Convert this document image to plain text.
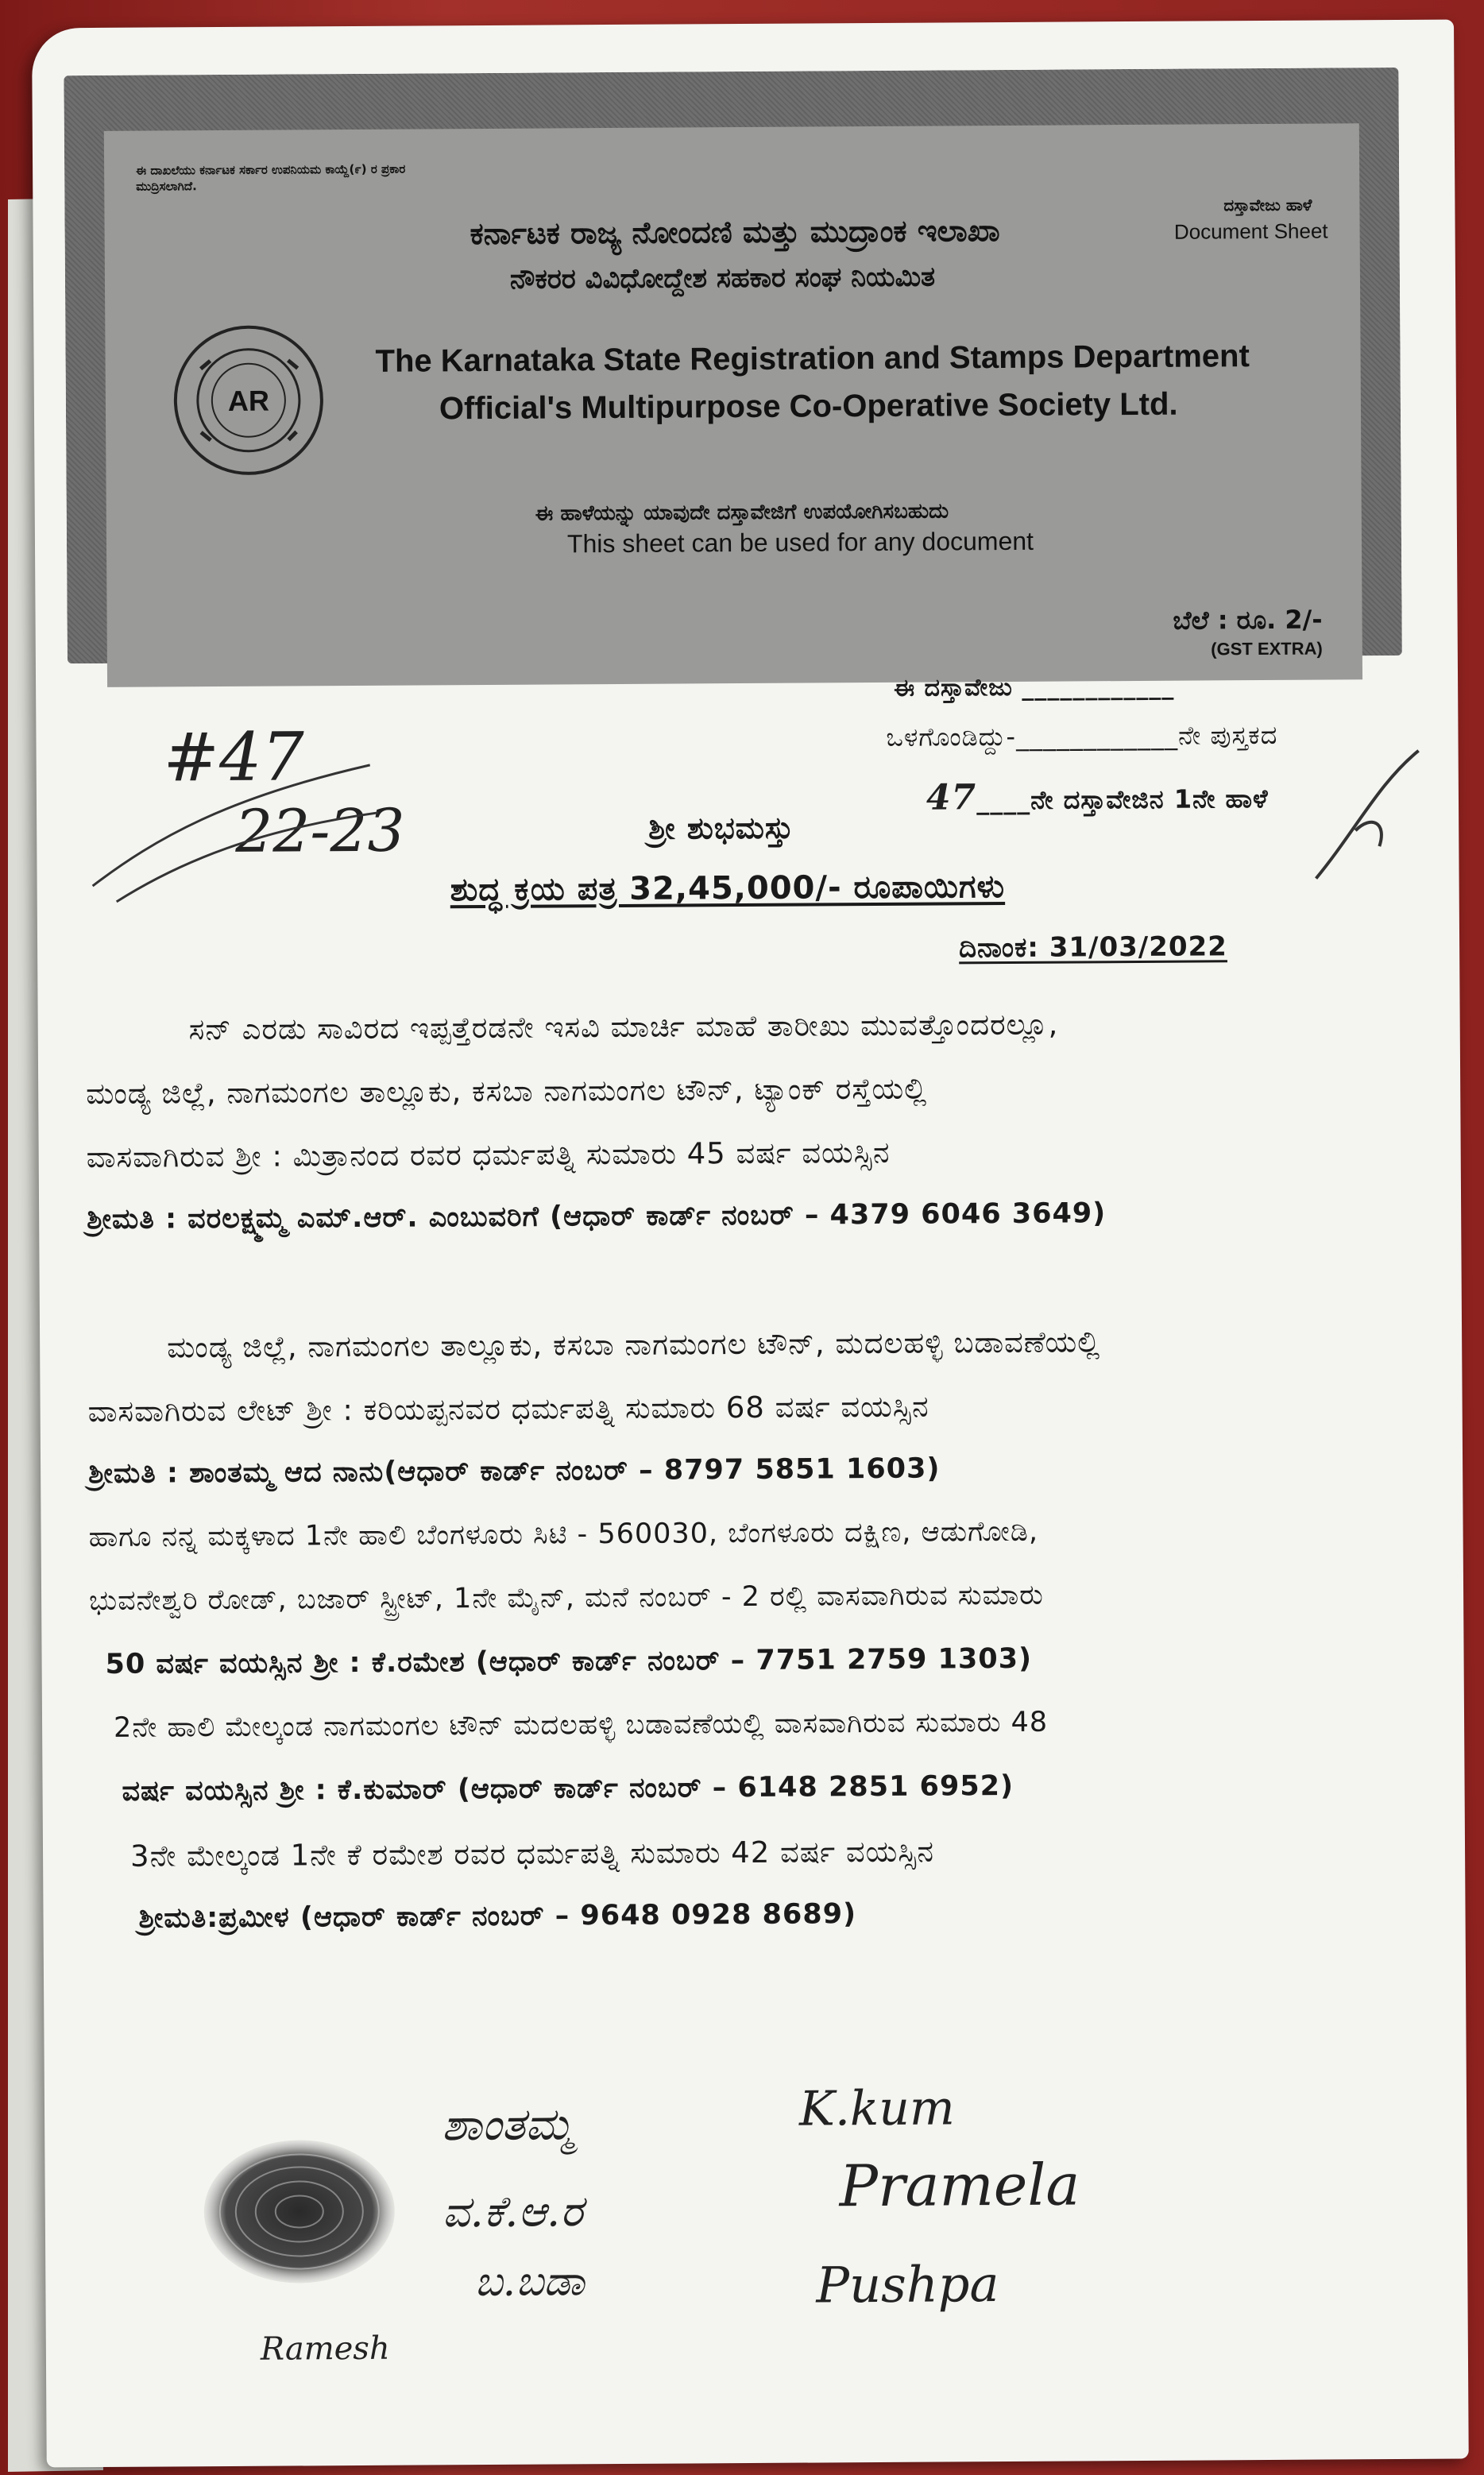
ಈ ದಾಖಲೆಯು ಕರ್ನಾಟಕ ಸರ್ಕಾರ ಉಪನಿಯಮ ಕಾಯ್ದೆ(೯) ರ ಪ್ರಕಾರ ಮುದ್ರಿಸಲಾಗಿದೆ.
ಕರ್ನಾಟಕ ರಾಜ್ಯ ನೋಂದಣಿ ಮತ್ತು ಮುದ್ರಾಂಕ ಇಲಾಖಾ
ನೌಕರರ ವಿವಿಧೋದ್ದೇಶ ಸಹಕಾರ ಸಂಘ ನಿಯಮಿತ
The Karnataka State Registration and Stamps Department
Official's Multipurpose Co-Operative Society Ltd.
ದಸ್ತಾವೇಜು ಹಾಳೆ
Document Sheet
ಈ ಹಾಳೆಯನ್ನು ಯಾವುದೇ ದಸ್ತಾವೇಜಿಗೆ ಉಪಯೋಗಿಸಬಹುದು
This sheet can be used for any document
ಬೆಲೆ : ರೂ. 2/-
(GST EXTRA)
AR
ಈ ದಸ್ತಾವೇಜು ____________
ಒಳಗೊಂಡಿದ್ದು-____________ನೇ ಪುಸ್ತಕದ
47____ನೇ ದಸ್ತಾವೇಜಿನ 1ನೇ ಹಾಳೆ
#47
22-23	ಶ್ರೀ ಶುಭಮಸ್ತು
ಶುದ್ಧ ಕ್ರಯ ಪತ್ರ 32,45,000/- ರೂಪಾಯಿಗಳು
ದಿನಾಂಕ: 31/03/2022
ಸನ್ ಎರಡು ಸಾವಿರದ ಇಪ್ಪತ್ತೆರಡನೇ ಇಸವಿ ಮಾರ್ಚಿ ಮಾಹೆ ತಾರೀಖು ಮುವತ್ತೊಂದರಲ್ಲೂ,
ಮಂಡ್ಯ ಜಿಲ್ಲೆ, ನಾಗಮಂಗಲ ತಾಲ್ಲೂಕು, ಕಸಬಾ ನಾಗಮಂಗಲ ಟೌನ್, ಟ್ಯಾಂಕ್ ರಸ್ತೆಯಲ್ಲಿ
ವಾಸವಾಗಿರುವ ಶ್ರೀ : ಮಿತ್ರಾನಂದ ರವರ ಧರ್ಮಪತ್ನಿ ಸುಮಾರು 45 ವರ್ಷ ವಯಸ್ಸಿನ
ಶ್ರೀಮತಿ : ವರಲಕ್ಷ್ಮಮ್ಮ ಎಮ್.ಆರ್. ಎಂಬುವರಿಗೆ (ಆಧಾರ್ ಕಾರ್ಡ್ ನಂಬರ್ – 4379 6046 3649)
ಮಂಡ್ಯ ಜಿಲ್ಲೆ, ನಾಗಮಂಗಲ ತಾಲ್ಲೂಕು, ಕಸಬಾ ನಾಗಮಂಗಲ ಟೌನ್, ಮದಲಹಳ್ಳಿ ಬಡಾವಣೆಯಲ್ಲಿ
ವಾಸವಾಗಿರುವ ಲೇಟ್ ಶ್ರೀ : ಕರಿಯಪ್ಪನವರ ಧರ್ಮಪತ್ನಿ ಸುಮಾರು 68 ವರ್ಷ ವಯಸ್ಸಿನ
ಶ್ರೀಮತಿ : ಶಾಂತಮ್ಮ ಆದ ನಾನು(ಆಧಾರ್ ಕಾರ್ಡ್ ನಂಬರ್ – 8797 5851 1603)
ಹಾಗೂ ನನ್ನ ಮಕ್ಕಳಾದ 1ನೇ ಹಾಲಿ ಬೆಂಗಳೂರು ಸಿಟಿ - 560030, ಬೆಂಗಳೂರು ದಕ್ಷಿಣ, ಆಡುಗೋಡಿ,
ಭುವನೇಶ್ವರಿ ರೋಡ್, ಬಜಾರ್ ಸ್ಟ್ರೀಟ್, 1ನೇ ಮೈನ್, ಮನೆ ನಂಬರ್ - 2 ರಲ್ಲಿ ವಾಸವಾಗಿರುವ ಸುಮಾರು
50 ವರ್ಷ ವಯಸ್ಸಿನ ಶ್ರೀ : ಕೆ.ರಮೇಶ (ಆಧಾರ್ ಕಾರ್ಡ್ ನಂಬರ್ – 7751 2759 1303)
2ನೇ ಹಾಲಿ ಮೇಲ್ಕಂಡ ನಾಗಮಂಗಲ ಟೌನ್ ಮದಲಹಳ್ಳಿ ಬಡಾವಣೆಯಲ್ಲಿ ವಾಸವಾಗಿರುವ ಸುಮಾರು 48
ವರ್ಷ ವಯಸ್ಸಿನ ಶ್ರೀ : ಕೆ.ಕುಮಾರ್ (ಆಧಾರ್ ಕಾರ್ಡ್ ನಂಬರ್ – 6148 2851 6952)
3ನೇ ಮೇಲ್ಕಂಡ 1ನೇ ಕೆ ರಮೇಶ ರವರ ಧರ್ಮಪತ್ನಿ ಸುಮಾರು 42 ವರ್ಷ ವಯಸ್ಸಿನ
ಶ್ರೀಮತಿ:ಪ್ರಮೀಳ (ಆಧಾರ್ ಕಾರ್ಡ್ ನಂಬರ್ – 9648 0928 8689)
ಶಾಂತಮ್ಮ
ವ.ಕೆ.ಆ.ರ
ಬ.ಬಡಾ
K.kum
Pramela
Pushpa
Ramesh
